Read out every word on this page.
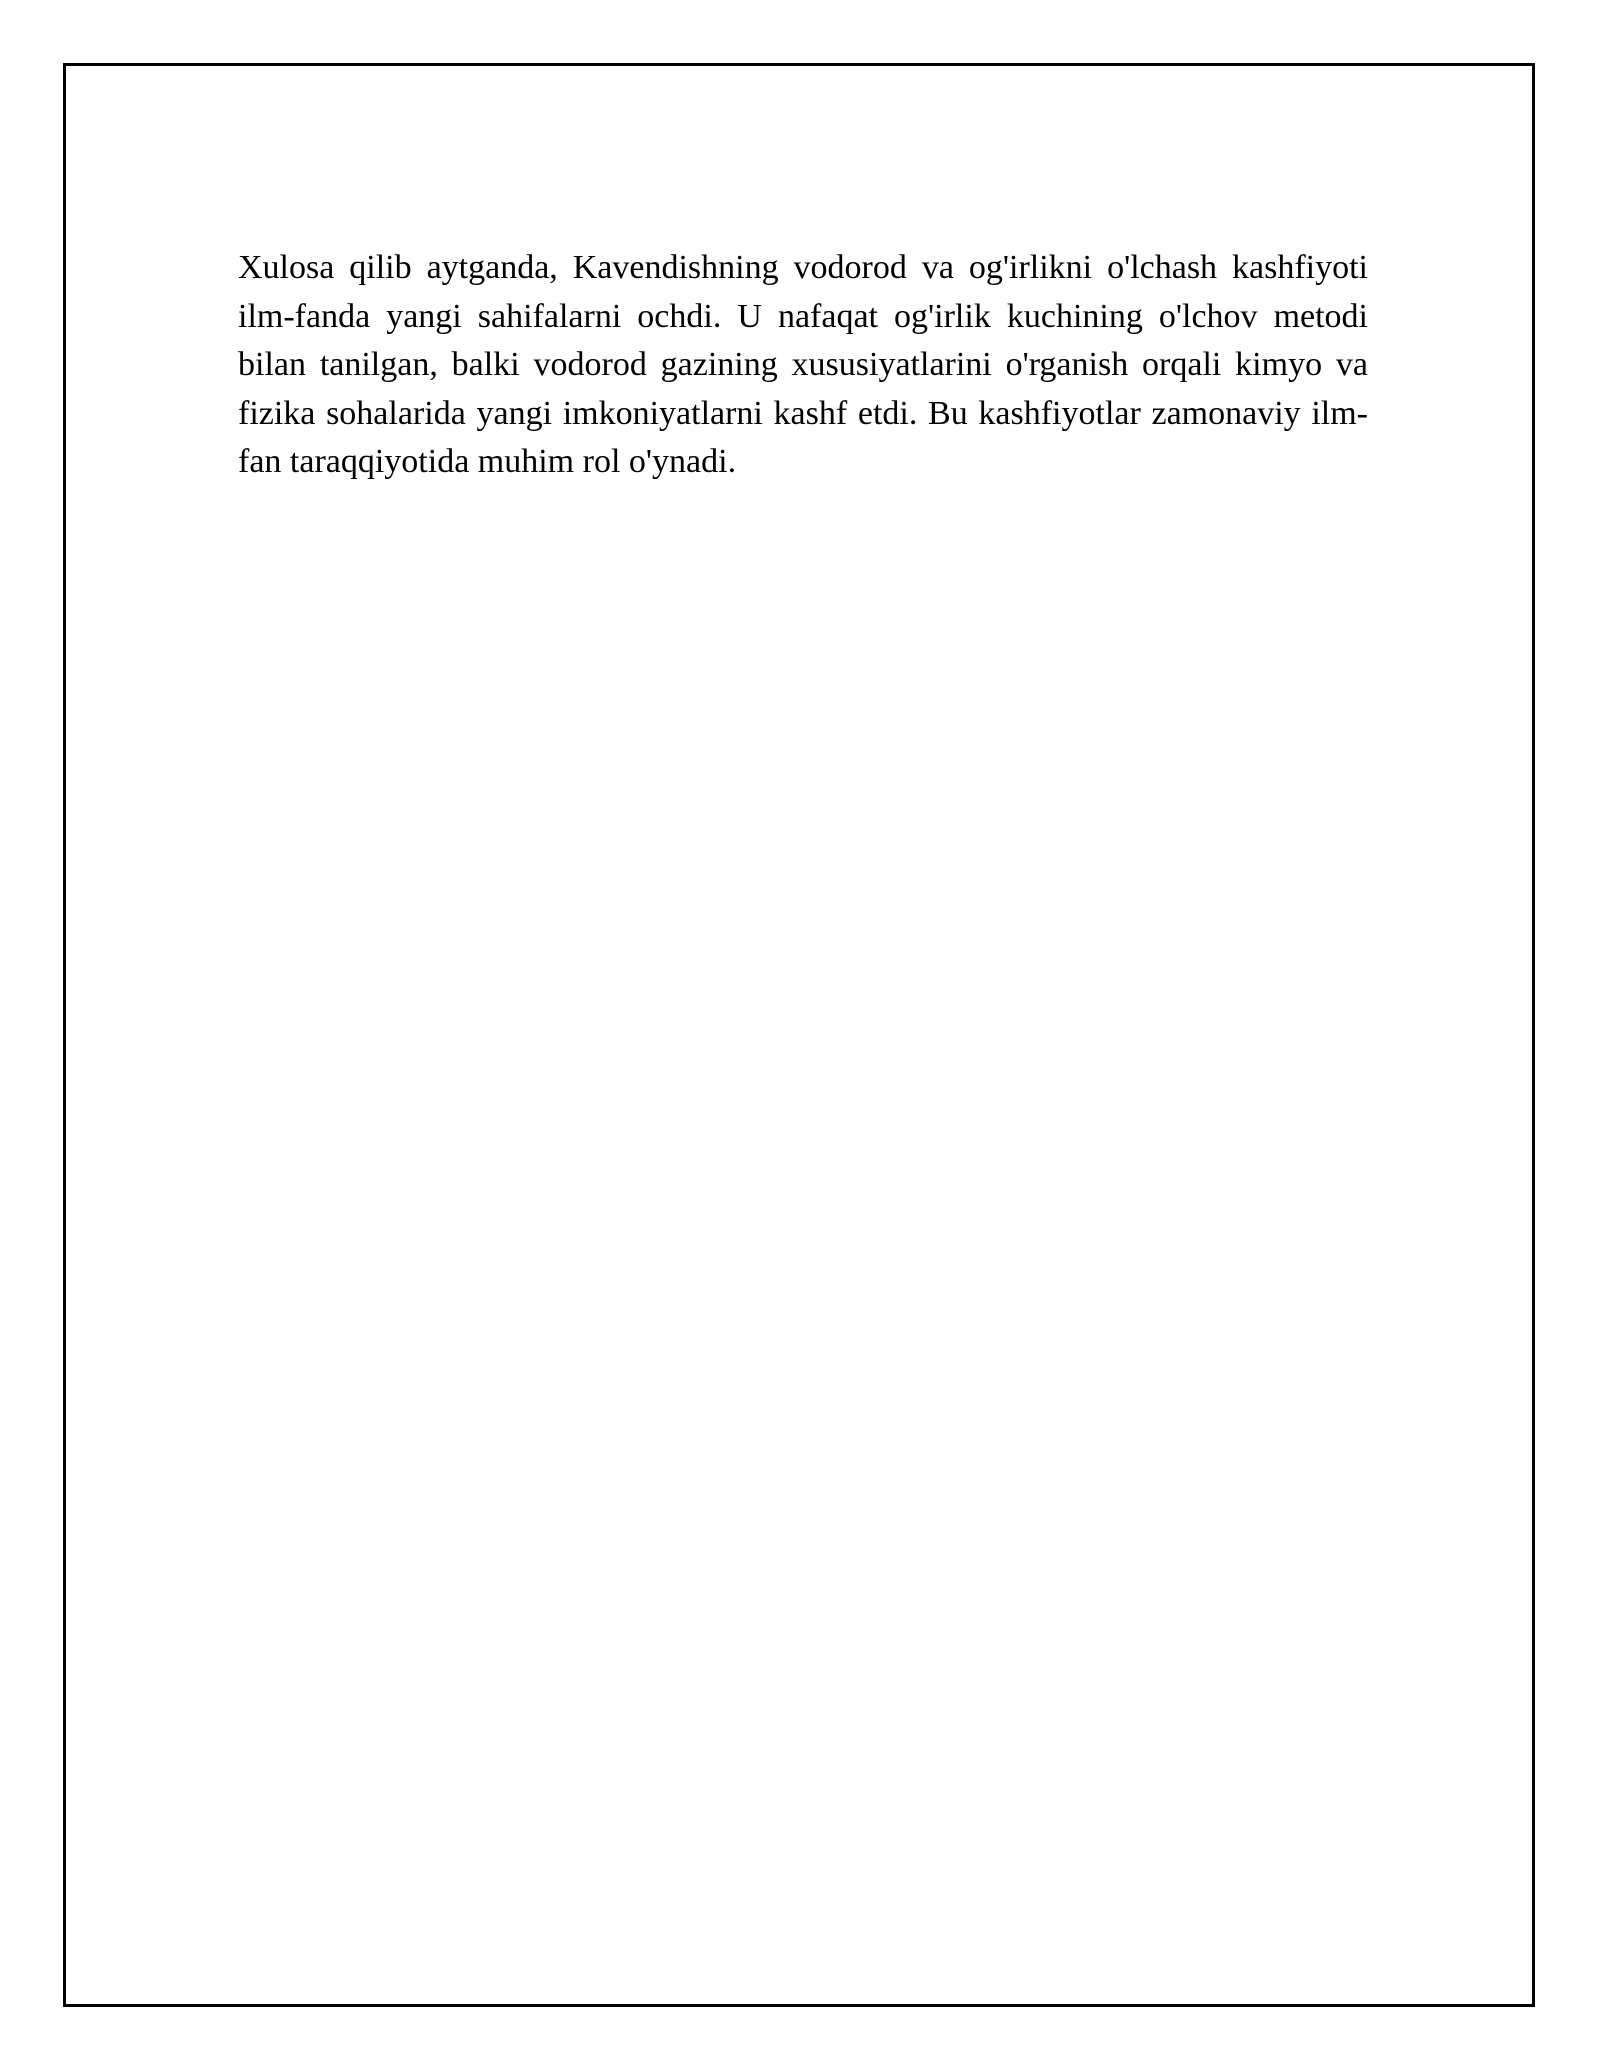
Xulosa qilib aytganda, Kavendishning vodorod va og'irlikni o'lchash kashfiyoti ilm-fanda yangi sahifalarni ochdi. U nafaqat og'irlik kuchining o'lchov metodi bilan tanilgan, balki vodorod gazining xususiyatlarini o'rganish orqali kimyo va fizika sohalarida yangi imkoniyatlarni kashf etdi. Bu kashfiyotlar zamonaviy ilm-fan taraqqiyotida muhim rol o'ynadi.
